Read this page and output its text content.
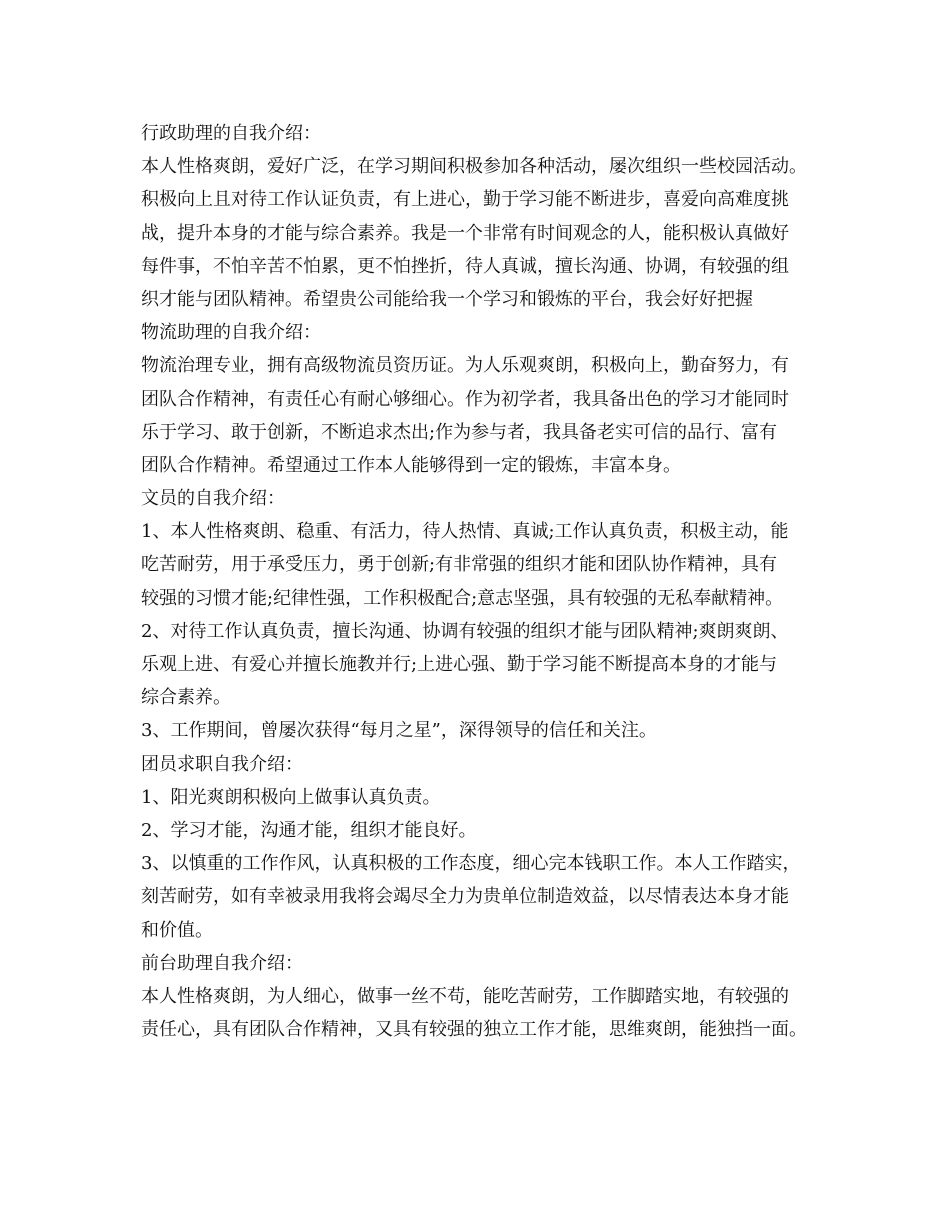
行政助理的自我介绍：
本人性格爽朗，爱好广泛，在学习期间积极参加各种活动，屡次组织一些校园活动。
积极向上且对待工作认证负责，有上进心，勤于学习能不断进步，喜爱向高难度挑
战，提升本身的才能与综合素养。我是一个非常有时间观念的人，能积极认真做好
每件事，不怕辛苦不怕累，更不怕挫折，待人真诚，擅长沟通、协调，有较强的组
织才能与团队精神。希望贵公司能给我一个学习和锻炼的平台，我会好好把握
物流助理的自我介绍：
物流治理专业，拥有高级物流员资历证。为人乐观爽朗，积极向上，勤奋努力，有
团队合作精神，有责任心有耐心够细心。作为初学者，我具备出色的学习才能同时
乐于学习、敢于创新，不断追求杰出;作为参与者，我具备老实可信的品行、富有
团队合作精神。希望通过工作本人能够得到一定的锻炼，丰富本身。
文员的自我介绍：
1、本人性格爽朗、稳重、有活力，待人热情、真诚;工作认真负责，积极主动，能
吃苦耐劳，用于承受压力，勇于创新;有非常强的组织才能和团队协作精神，具有
较强的习惯才能;纪律性强，工作积极配合;意志坚强，具有较强的无私奉献精神。
2、对待工作认真负责，擅长沟通、协调有较强的组织才能与团队精神;爽朗爽朗、
乐观上进、有爱心并擅长施教并行;上进心强、勤于学习能不断提高本身的才能与
综合素养。
3、工作期间，曾屡次获得“每月之星”，深得领导的信任和关注。
团员求职自我介绍：
1、阳光爽朗积极向上做事认真负责。
2、学习才能，沟通才能，组织才能良好。
3、以慎重的工作作风，认真积极的工作态度，细心完本钱职工作。本人工作踏实，
刻苦耐劳，如有幸被录用我将会竭尽全力为贵单位制造效益，以尽情表达本身才能
和价值。
前台助理自我介绍：
本人性格爽朗，为人细心，做事一丝不苟，能吃苦耐劳，工作脚踏实地，有较强的
责任心，具有团队合作精神，又具有较强的独立工作才能，思维爽朗，能独挡一面。
